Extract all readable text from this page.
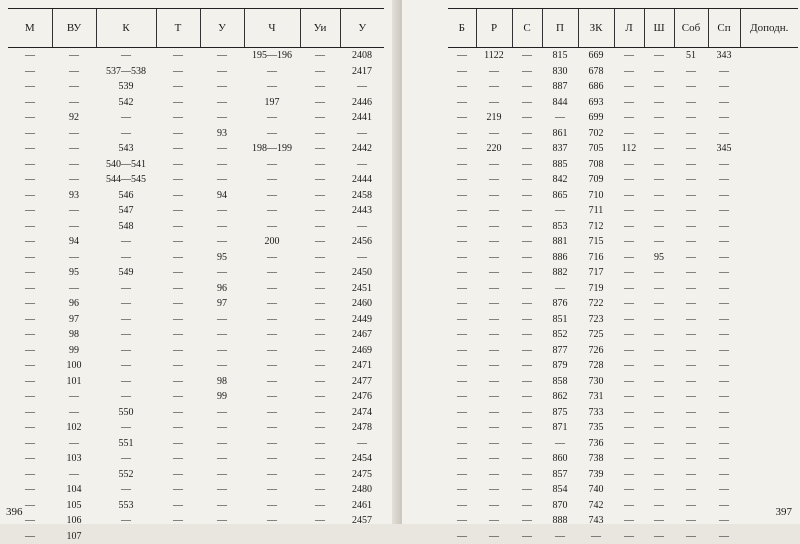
М	ВУ	К	Т	У	Ч	Уи	У
—	—	—	—	—	195—196	—	2408
—	—	537—538	—	—	—	—	2417
—	—	539	—	—	—	—	—
—	—	542	—	—	197	—	2446
—	92	—	—	—	—	—	2441
—	—	—	—	93	—	—	—
—	—	543	—	—	198—199	—	2442
—	—	540—541	—	—	—	—	—
—	—	544—545	—	—	—	—	2444
—	93	546	—	94	—	—	2458
—	—	547	—	—	—	—	2443
—	—	548	—	—	—	—	—
—	94	—	—	—	200	—	2456
—	—	—	—	95	—	—	—
—	95	549	—	—	—	—	2450
—	—	—	—	96	—	—	2451
—	96	—	—	97	—	—	2460
—	97	—	—	—	—	—	2449
—	98	—	—	—	—	—	2467
—	99	—	—	—	—	—	2469
—	100	—	—	—	—	—	2471
—	101	—	—	98	—	—	2477
—	—	—	—	99	—	—	2476
—	—	550	—	—	—	—	2474
—	102	—	—	—	—	—	2478
—	—	551	—	—	—	—	—
—	103	—	—	—	—	—	2454
—	—	552	—	—	—	—	2475
—	104	—	—	—	—	—	2480
—	105	553	—	—	—	—	2461
—	106	—	—	—	—	—	2457
—	107						
396
Б	Р	С	П	ЗК	Л	Ш	Соб	Сп	Доподн.
—	1122	—	815	669	—	—	51	343	
—	—	—	830	678	—	—	—	—	
—	—	—	887	686	—	—	—	—	
—	—	—	844	693	—	—	—	—	
—	219	—	—	699	—	—	—	—	
—	—	—	861	702	—	—	—	—	
—	220	—	837	705	112	—	—	345	
—	—	—	885	708	—	—	—	—	
—	—	—	842	709	—	—	—	—	
—	—	—	865	710	—	—	—	—	
—	—	—	—	711	—	—	—	—	
—	—	—	853	712	—	—	—	—	
—	—	—	881	715	—	—	—	—	
—	—	—	886	716	—	95	—	—	
—	—	—	882	717	—	—	—	—	
—	—	—	—	719	—	—	—	—	
—	—	—	876	722	—	—	—	—	
—	—	—	851	723	—	—	—	—	
—	—	—	852	725	—	—	—	—	
—	—	—	877	726	—	—	—	—	
—	—	—	879	728	—	—	—	—	
—	—	—	858	730	—	—	—	—	
—	—	—	862	731	—	—	—	—	
—	—	—	875	733	—	—	—	—	
—	—	—	871	735	—	—	—	—	
—	—	—	—	736	—	—	—	—	
—	—	—	860	738	—	—	—	—	
—	—	—	857	739	—	—	—	—	
—	—	—	854	740	—	—	—	—	
—	—	—	870	742	—	—	—	—	
—	—	—	888	743	—	—	—	—	
—	—	—	—	—	—	—	—	—	
397
